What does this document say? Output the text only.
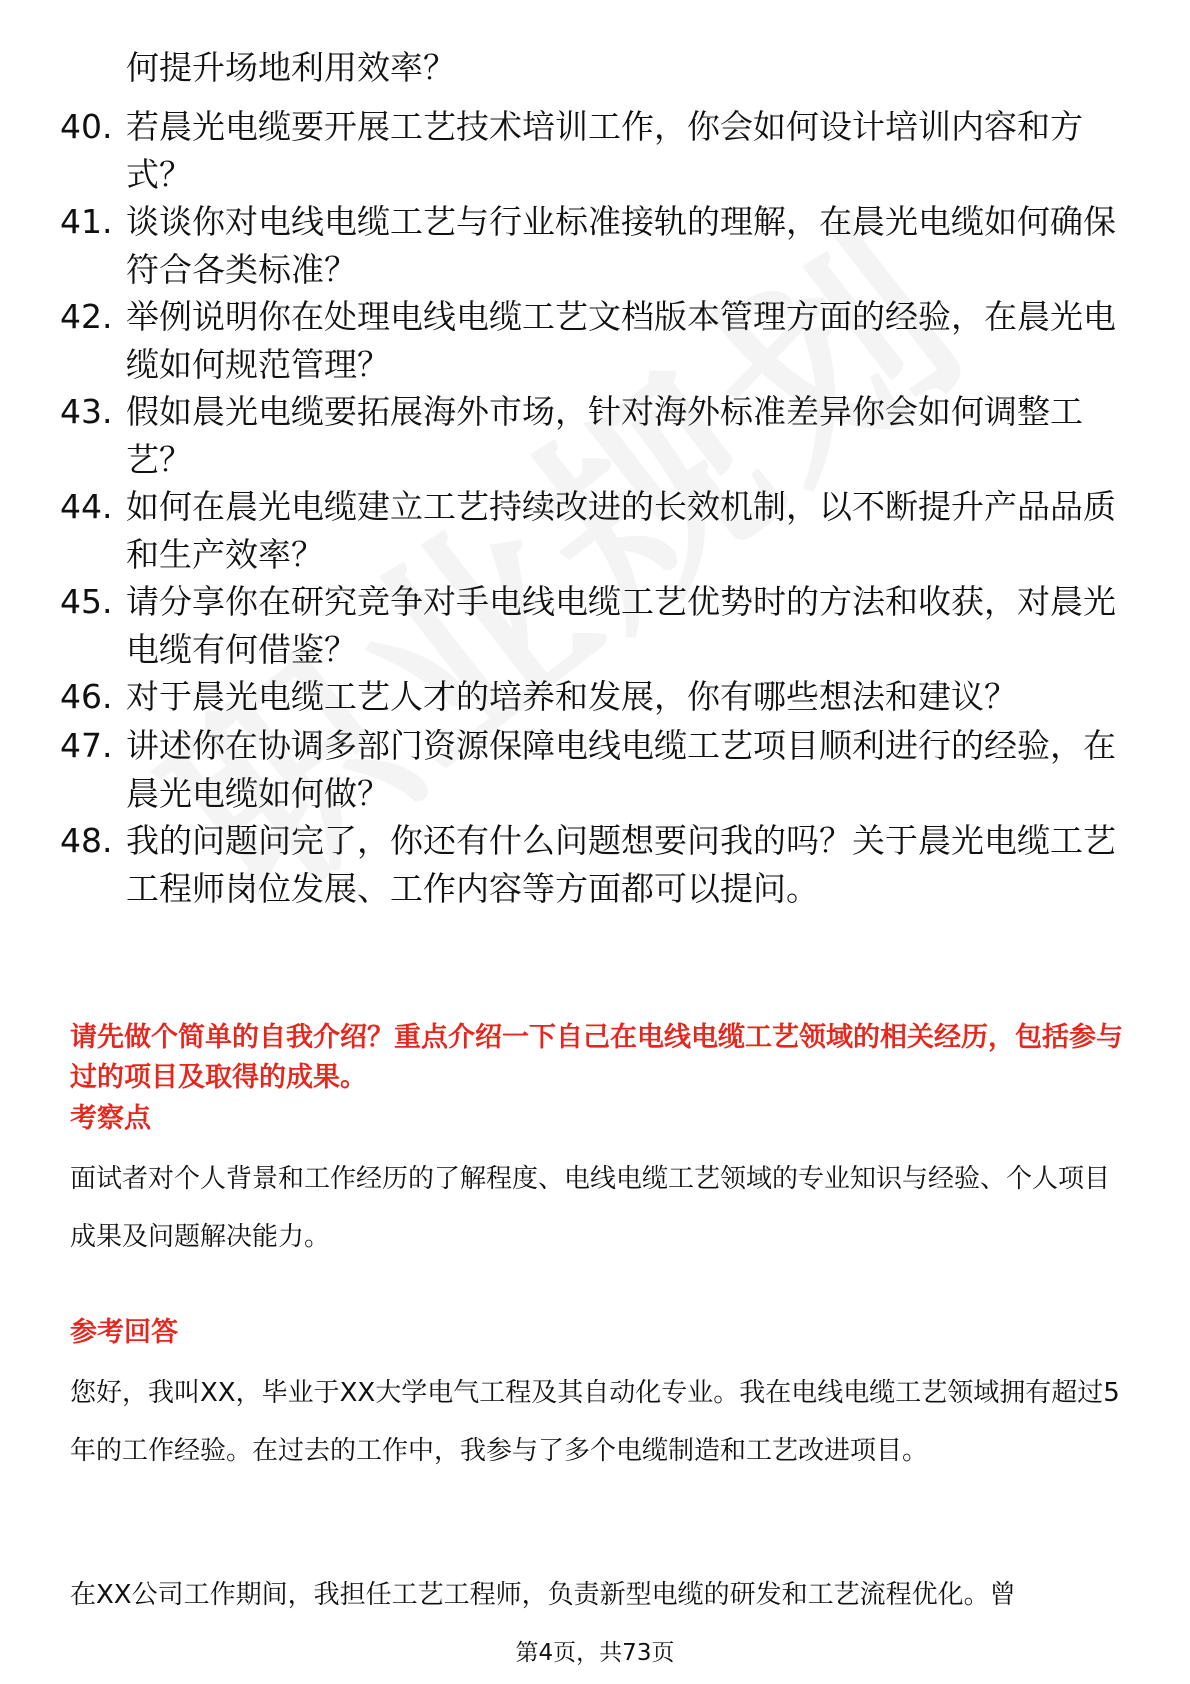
何提升场地利用效率？
40. 若晨光电缆要开展工艺技术培训工作，你会如何设计培训内容和方式？
41. 谈谈你对电线电缆工艺与行业标准接轨的理解，在晨光电缆如何确保符合各类标准？
42. 举例说明你在处理电线电缆工艺文档版本管理方面的经验，在晨光电缆如何规范管理？
43. 假如晨光电缆要拓展海外市场，针对海外标准差异你会如何调整工艺？
44. 如何在晨光电缆建立工艺持续改进的长效机制，以不断提升产品品质和生产效率？
45. 请分享你在研究竞争对手电线电缆工艺优势时的方法和收获，对晨光电缆有何借鉴？
46. 对于晨光电缆工艺人才的培养和发展，你有哪些想法和建议？
47. 讲述你在协调多部门资源保障电线电缆工艺项目顺利进行的经验，在晨光电缆如何做？
48. 我的问题问完了，你还有什么问题想要问我的吗？关于晨光电缆工艺工程师岗位发展、工作内容等方面都可以提问。
请先做个简单的自我介绍？重点介绍一下自己在电线电缆工艺领域的相关经历，包括参与过的项目及取得的成果。
考察点
面试者对个人背景和工作经历的了解程度、电线电缆工艺领域的专业知识与经验、个人项目成果及问题解决能力。
参考回答
您好，我叫XX，毕业于XX大学电气工程及其自动化专业。我在电线电缆工艺领域拥有超过5年的工作经验。在过去的工作中，我参与了多个电缆制造和工艺改进项目。
在XX公司工作期间，我担任工艺工程师，负责新型电缆的研发和工艺流程优化。曾
第4页，共73页
